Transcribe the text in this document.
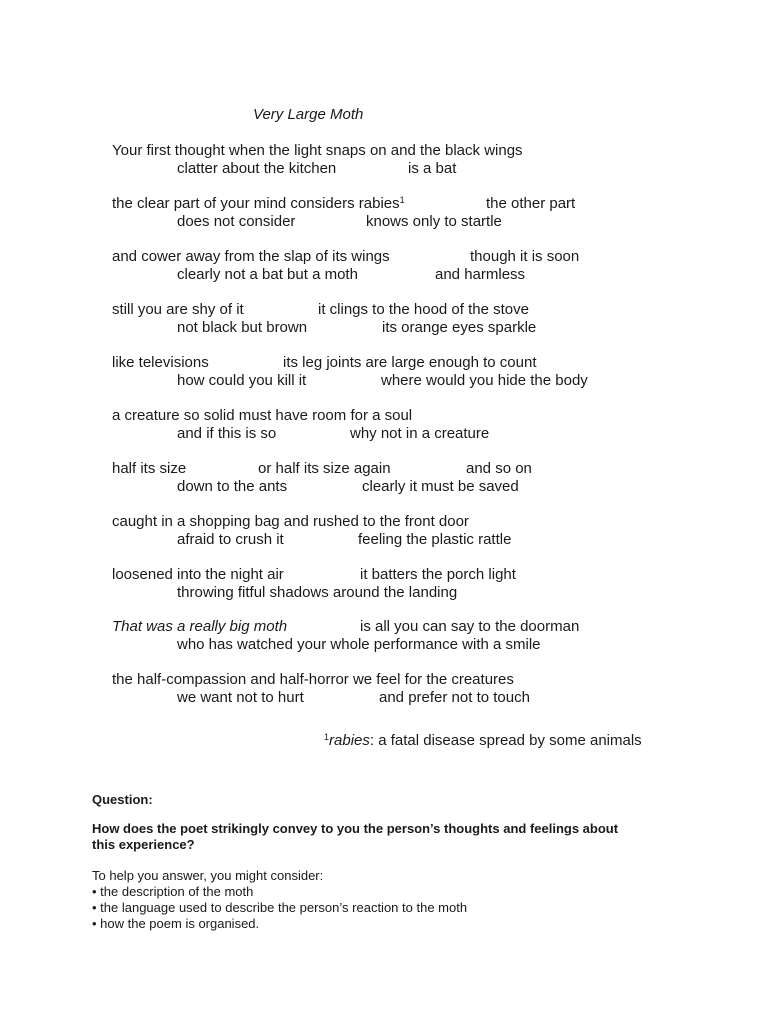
Very Large Moth
Your first thought when the light snaps on and the black wings
clatter about the kitchen	is a bat
the clear part of your mind considers rabies$^1$	the other part
does not consider	knows only to startle
and cower away from the slap of its wings	though it is soon
clearly not a bat but a moth	and harmless
still you are shy of it	it clings to the hood of the stove
not black but brown	its orange eyes sparkle
like televisions	its leg joints are large enough to count
how could you kill it	where would you hide the body
a creature so solid must have room for a soul
and if this is so	why not in a creature
half its size	or half its size again	and so on
down to the ants	clearly it must be saved
caught in a shopping bag and rushed to the front door
afraid to crush it	feeling the plastic rattle
loosened into the night air	it batters the porch light
throwing fitful shadows around the landing
That was a really big moth	is all you can say to the doorman
who has watched your whole performance with a smile
the half-compassion and half-horror we feel for the creatures
we want not to hurt	and prefer not to touch
$^1$rabies: a fatal disease spread by some animals
Question:
How does the poet strikingly convey to you the person’s thoughts and feelings about
this experience?
To help you answer, you might consider:
• the description of the moth
• the language used to describe the person’s reaction to the moth
• how the poem is organised.
